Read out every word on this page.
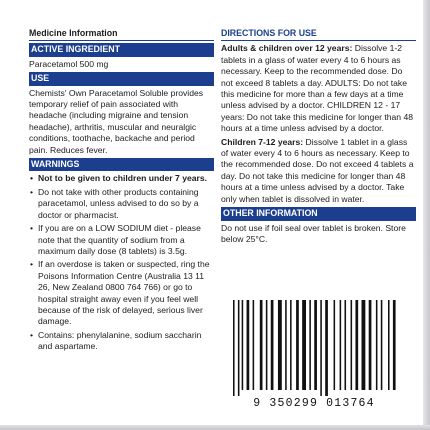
Medicine Information
ACTIVE INGREDIENT
Paracetamol 500 mg
USE
Chemists' Own Paracetamol Soluble provides temporary relief of pain associated with headache (including migraine and tension headache), arthritis, muscular and neuralgic conditions, toothache, backache and period pain. Reduces fever.
WARNINGS
• Not to be given to children under 7 years.
• Do not take with other products containing paracetamol, unless advised to do so by a doctor or pharmacist.
• If you are on a LOW SODIUM diet - please note that the quantity of sodium from a maximum daily dose (8 tablets) is 3.5g.
• If an overdose is taken or suspected, ring the Poisons Information Centre (Australia 13 11 26, New Zealand 0800 764 766) or go to hospital straight away even if you feel well because of the risk of delayed, serious liver damage.
• Contains: phenylalanine, sodium saccharin and aspartame.
DIRECTIONS FOR USE
Adults & children over 12 years: Dissolve 1-2 tablets in a glass of water every 4 to 6 hours as necessary. Keep to the recommended dose. Do not exceed 8 tablets a day. ADULTS: Do not take this medicine for more than a few days at a time unless advised by a doctor. CHILDREN 12 - 17 years: Do not take this medicine for longer than 48 hours at a time unless advised by a doctor.
Children 7-12 years: Dissolve 1 tablet in a glass of water every 4 to 6 hours as necessary. Keep to the recommended dose. Do not exceed 4 tablets a day. Do not take this medicine for longer than 48 hours at a time unless advised by a doctor. Take only when tablet is dissolved in water.
OTHER INFORMATION
Do not use if foil seal over tablet is broken. Store below 25°C.
9 350299 013764
